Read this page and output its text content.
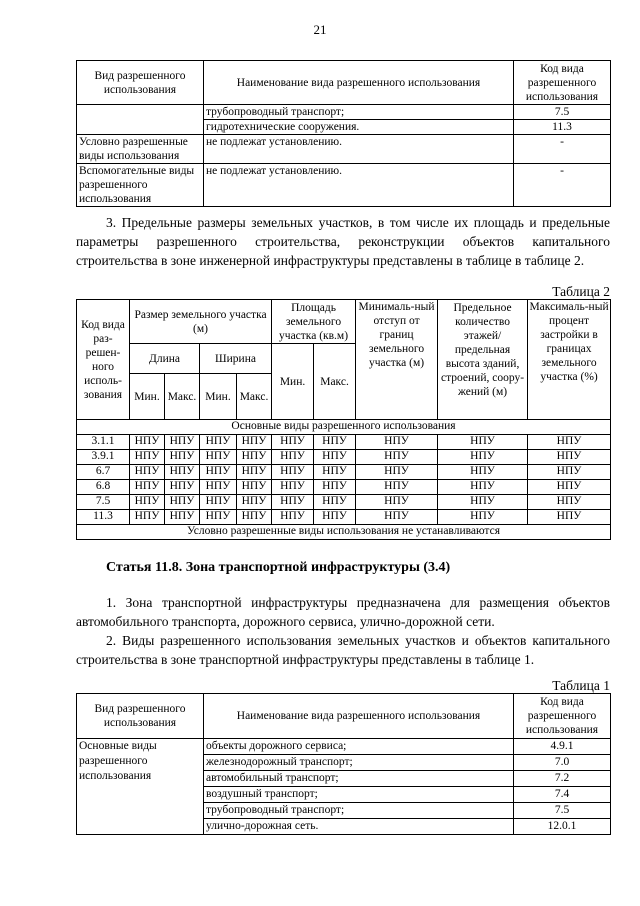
21
Вид разрешенного использования	Наименование вида разрешенного использования	Код вида разрешенного использования
	трубопроводный транспорт;	7.5
	гидротехнические сооружения.	11.3
Условно разрешенные виды использования	не подлежат установлению.	-
Вспомогательные виды разрешенного использования	не подлежат установлению.	-
3. Предельные размеры земельных участков, в том числе их площадь и предельные параметры разрешенного строительства, реконструкции объектов капитального строительства в зоне инженерной инфраструктуры представлены в таблице в таблице 2.
Таблица 2
Код вида раз-решен-ного исполь-зования	Размер земельного участка (м)				Площадь земельного участка (кв.м)		Минималь-ный отступ от границ земельного участка (м)	Предельное количество этажей/ предельная высота зданий, строений, соору-жений (м)	Максималь-ный процент застройки в границах земельного участка (%)
	Длина		Ширина		Мин.	Макс.			
	Мин.	Макс.	Мин.	Макс.					
Основные виды разрешенного использования									
3.1.1	НПУ	НПУ	НПУ	НПУ	НПУ	НПУ	НПУ	НПУ	НПУ
3.9.1	НПУ	НПУ	НПУ	НПУ	НПУ	НПУ	НПУ	НПУ	НПУ
6.7	НПУ	НПУ	НПУ	НПУ	НПУ	НПУ	НПУ	НПУ	НПУ
6.8	НПУ	НПУ	НПУ	НПУ	НПУ	НПУ	НПУ	НПУ	НПУ
7.5	НПУ	НПУ	НПУ	НПУ	НПУ	НПУ	НПУ	НПУ	НПУ
11.3	НПУ	НПУ	НПУ	НПУ	НПУ	НПУ	НПУ	НПУ	НПУ
Условно разрешенные виды использования не устанавливаются									
Статья 11.8. Зона транспортной инфраструктуры (3.4)
1. Зона транспортной инфраструктуры предназначена для размещения объектов автомобильного транспорта, дорожного сервиса, улично-дорожной сети.
2. Виды разрешенного использования земельных участков и объектов капитального строительства в зоне транспортной инфраструктуры представлены в таблице 1.
Таблица 1
Вид разрешенного использования	Наименование вида разрешенного использования	Код вида разрешенного использования
Основные виды разрешенного использования	объекты дорожного сервиса;	4.9.1
	железнодорожный транспорт;	7.0
	автомобильный транспорт;	7.2
	воздушный транспорт;	7.4
	трубопроводный транспорт;	7.5
	улично-дорожная сеть.	12.0.1
